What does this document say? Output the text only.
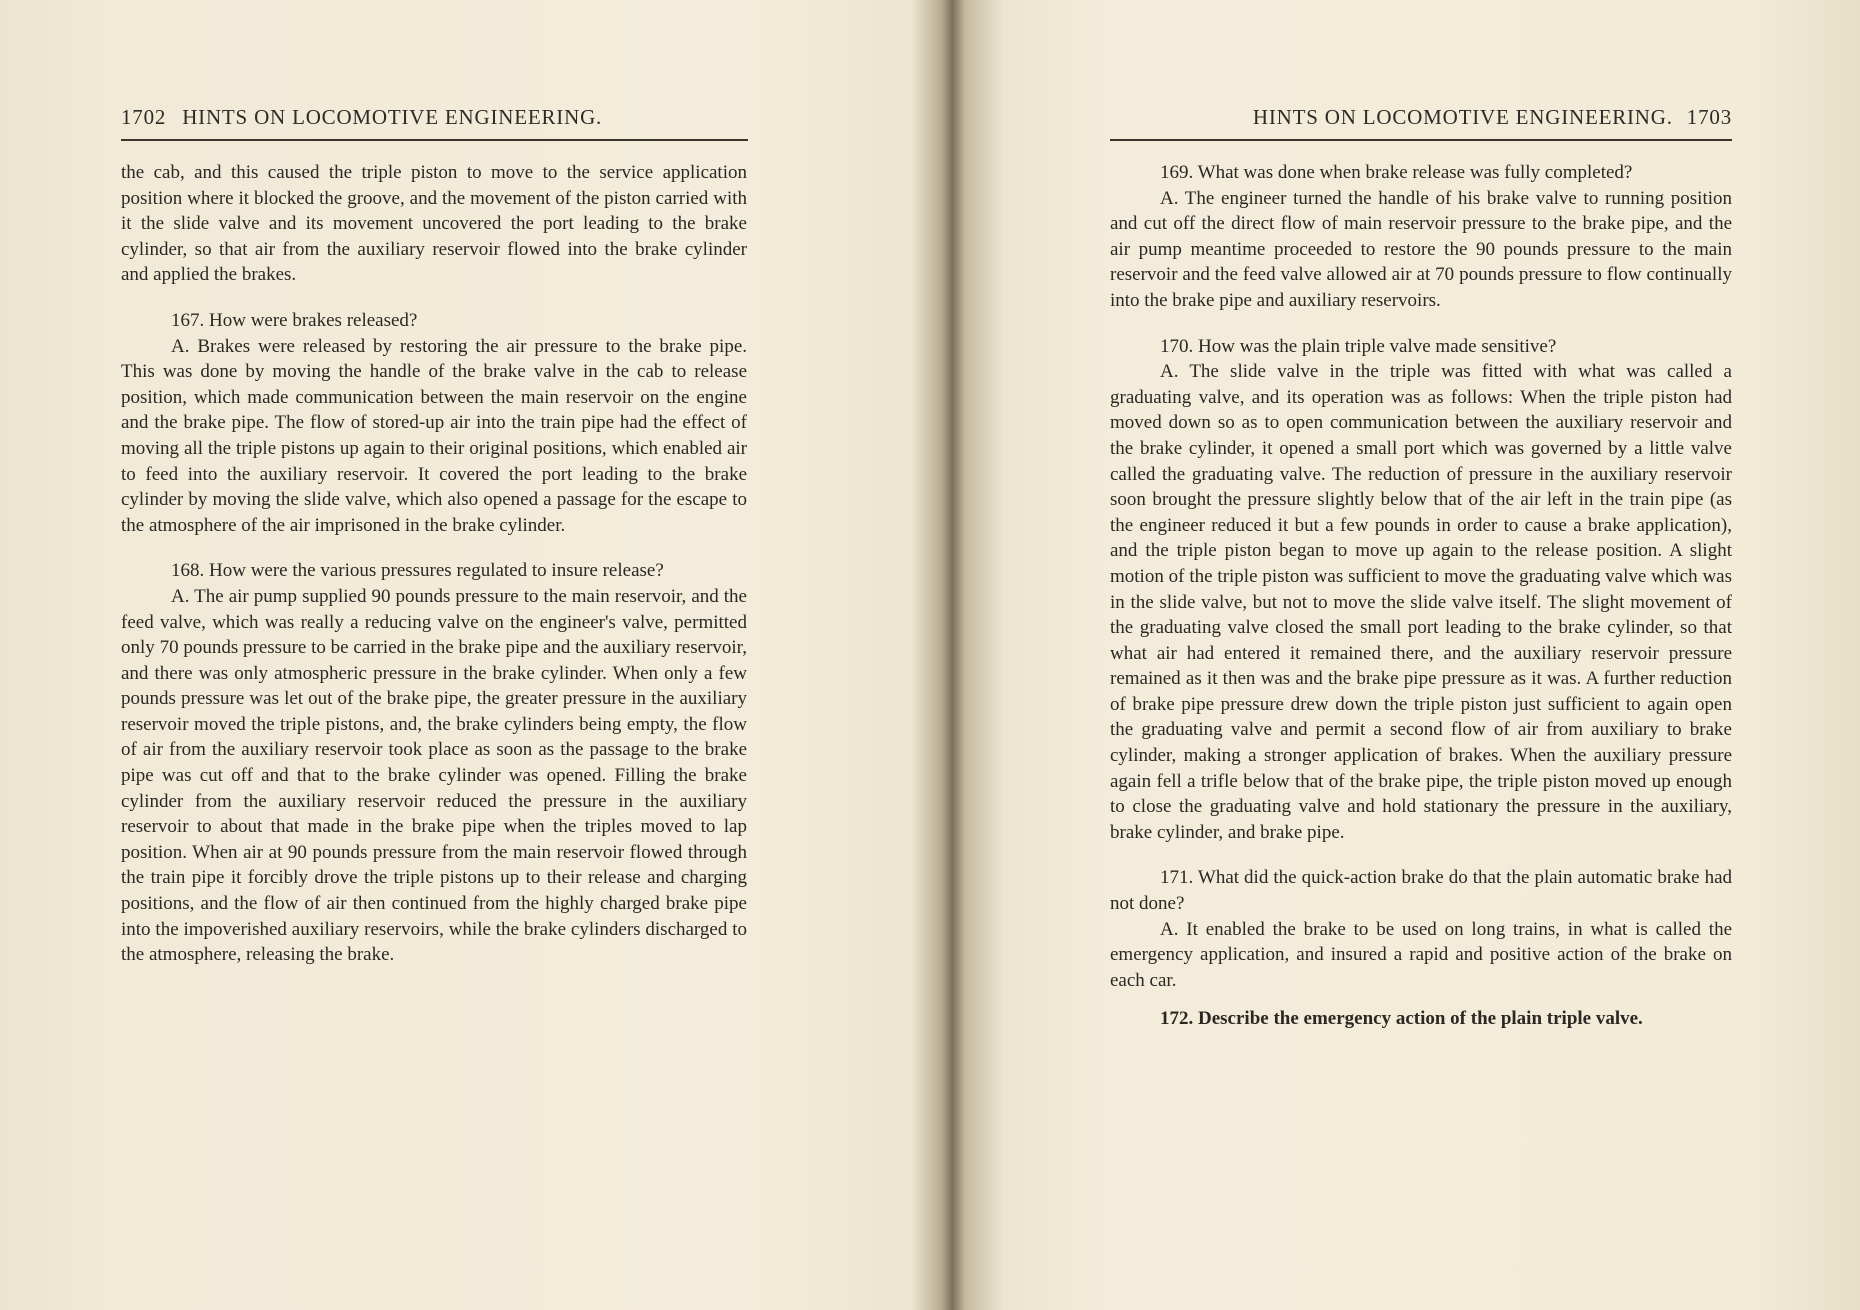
1702 HINTS ON LOCOMOTIVE ENGINEERING.

the cab, and this caused the triple piston to move to the service application position where it blocked the groove, and the movement of the piston carried with it the slide valve and its movement uncovered the port leading to the brake cylinder, so that air from the auxiliary reservoir flowed into the brake cylinder and applied the brakes.

167. How were brakes released?

A. Brakes were released by restoring the air pressure to the brake pipe. This was done by moving the handle of the brake valve in the cab to release position, which made communication between the main reservoir on the engine and the brake pipe. The flow of stored-up air into the train pipe had the effect of moving all the triple pistons up again to their original positions, which enabled air to feed into the auxiliary reservoir. It covered the port leading to the brake cylinder by moving the slide valve, which also opened a passage for the escape to the atmosphere of the air imprisoned in the brake cylinder.

168. How were the various pressures regulated to insure release?

A. The air pump supplied 90 pounds pressure to the main reservoir, and the feed valve, which was really a reducing valve on the engineer's valve, permitted only 70 pounds pressure to be carried in the brake pipe and the auxiliary reservoir, and there was only atmospheric pressure in the brake cylinder. When only a few pounds pressure was let out of the brake pipe, the greater pressure in the auxiliary reservoir moved the triple pistons, and, the brake cylinders being empty, the flow of air from the auxiliary reservoir took place as soon as the passage to the brake pipe was cut off and that to the brake cylinder was opened. Filling the brake cylinder from the auxiliary reservoir reduced the pressure in the auxiliary reservoir to about that made in the brake pipe when the triples moved to lap position. When air at 90 pounds pressure from the main reservoir flowed through the train pipe it forcibly drove the triple pistons up to their release and charging positions, and the flow of air then continued from the highly charged brake pipe into the impoverished auxiliary reservoirs, while the brake cylinders discharged to the atmosphere, releasing the brake.

HINTS ON LOCOMOTIVE ENGINEERING. 1703

169. What was done when brake release was fully completed?

A. The engineer turned the handle of his brake valve to running position and cut off the direct flow of main reservoir pressure to the brake pipe, and the air pump meantime proceeded to restore the 90 pounds pressure to the main reservoir and the feed valve allowed air at 70 pounds pressure to flow continually into the brake pipe and auxiliary reservoirs.

170. How was the plain triple valve made sensitive?

A. The slide valve in the triple was fitted with what was called a graduating valve, and its operation was as follows: When the triple piston had moved down so as to open communication between the auxiliary reservoir and the brake cylinder, it opened a small port which was governed by a little valve called the graduating valve. The reduction of pressure in the auxiliary reservoir soon brought the pressure slightly below that of the air left in the train pipe (as the engineer reduced it but a few pounds in order to cause a brake application), and the triple piston began to move up again to the release position. A slight motion of the triple piston was sufficient to move the graduating valve which was in the slide valve, but not to move the slide valve itself. The slight movement of the graduating valve closed the small port leading to the brake cylinder, so that what air had entered it remained there, and the auxiliary reservoir pressure remained as it then was and the brake pipe pressure as it was. A further reduction of brake pipe pressure drew down the triple piston just sufficient to again open the graduating valve and permit a second flow of air from auxiliary to brake cylinder, making a stronger application of brakes. When the auxiliary pressure again fell a trifle below that of the brake pipe, the triple piston moved up enough to close the graduating valve and hold stationary the pressure in the auxiliary, brake cylinder, and brake pipe.

171. What did the quick-action brake do that the plain automatic brake had not done?

A. It enabled the brake to be used on long trains, in what is called the emergency application, and insured a rapid and positive action of the brake on each car.

172. Describe the emergency action of the plain triple valve.
